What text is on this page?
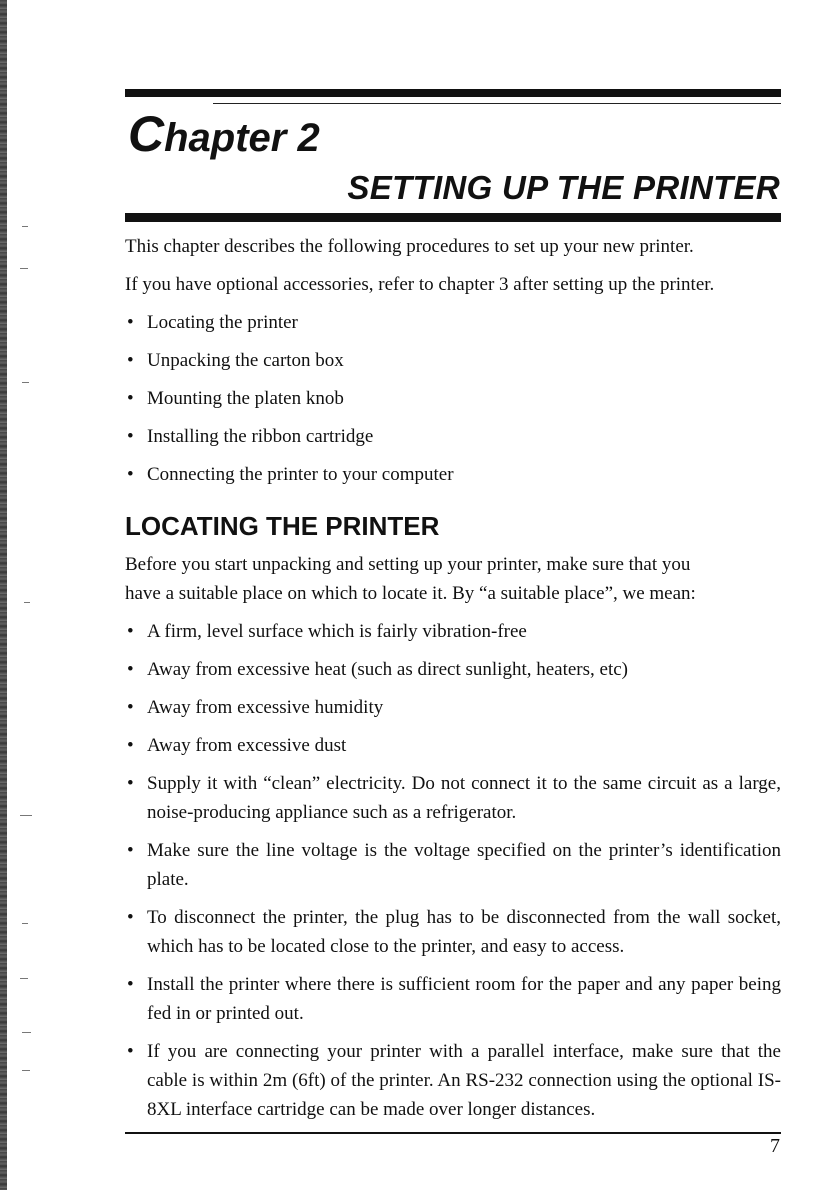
Chapter 2
SETTING UP THE PRINTER

This chapter describes the following procedures to set up your new printer.

If you have optional accessories, refer to chapter 3 after setting up the printer.

• Locating the printer
• Unpacking the carton box
• Mounting the platen knob
• Installing the ribbon cartridge
• Connecting the printer to your computer
LOCATING THE PRINTER

Before you start unpacking and setting up your printer, make sure that you

have a suitable place on which to locate it. By “a suitable place”, we mean:

• A firm, level surface which is fairly vibration-free
• Away from excessive heat (such as direct sunlight, heaters, etc)
• Away from excessive humidity
• Away from excessive dust
• Supply it with “clean” electricity. Do not connect it to the same circuit as a large, noise-producing appliance such as a refrigerator.
• Make sure the line voltage is the voltage specified on the printer’s identification plate.
• To disconnect the printer, the plug has to be disconnected from the wall socket, which has to be located close to the printer, and easy to access.
• Install the printer where there is sufficient room for the paper and any paper being fed in or printed out.
• If you are connecting your printer with a parallel interface, make sure that the cable is within 2m (6ft) of the printer. An RS-232 connection using the optional IS-8XL interface cartridge can be made over longer distances.

7
